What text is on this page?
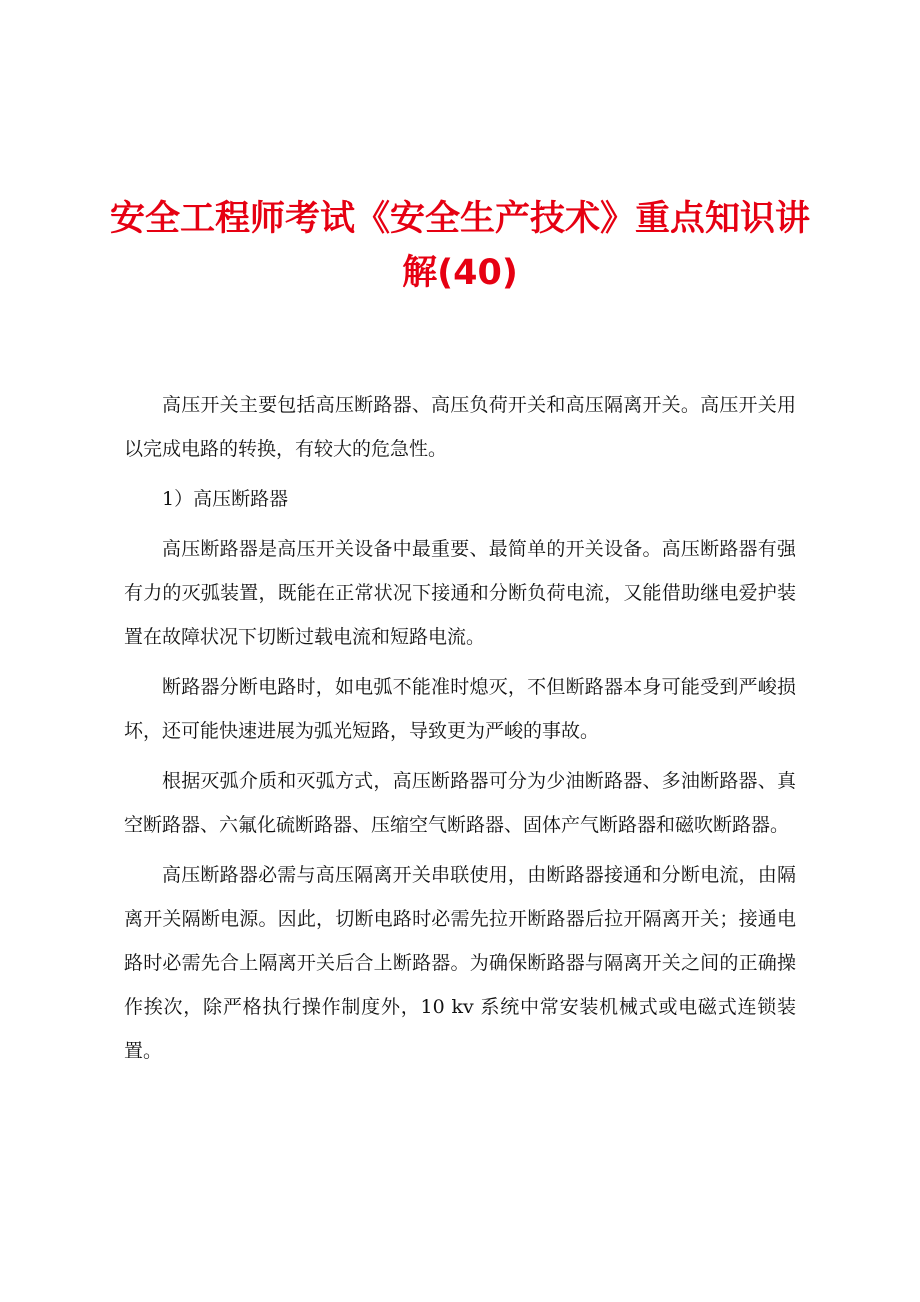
安全工程师考试《安全生产技术》重点知识讲解(40)

高压开关主要包括高压断路器、高压负荷开关和高压隔离开关。高压开关用以完成电路的转换，有较大的危急性。

1）高压断路器

高压断路器是高压开关设备中最重要、最简单的开关设备。高压断路器有强有力的灭弧装置，既能在正常状况下接通和分断负荷电流，又能借助继电爱护装置在故障状况下切断过载电流和短路电流。

断路器分断电路时，如电弧不能准时熄灭，不但断路器本身可能受到严峻损坏，还可能快速进展为弧光短路，导致更为严峻的事故。

根据灭弧介质和灭弧方式，高压断路器可分为少油断路器、多油断路器、真空断路器、六氟化硫断路器、压缩空气断路器、固体产气断路器和磁吹断路器。

高压断路器必需与高压隔离开关串联使用，由断路器接通和分断电流，由隔离开关隔断电源。因此，切断电路时必需先拉开断路器后拉开隔离开关；接通电路时必需先合上隔离开关后合上断路器。为确保断路器与隔离开关之间的正确操作挨次，除严格执行操作制度外，10 kv 系统中常安装机械式或电磁式连锁装置。
